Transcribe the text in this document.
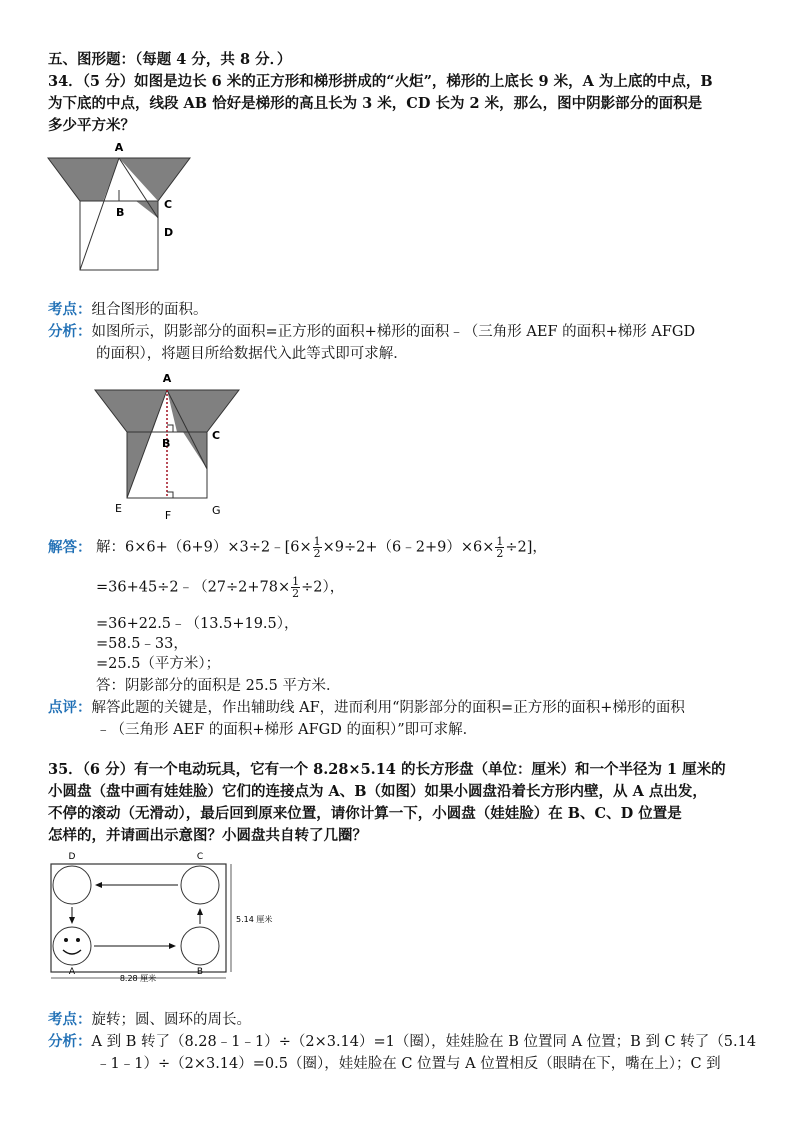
五、图形题：（每题 4 分，共 8 分．）
34．（5 分）如图是边长 6 米的正方形和梯形拼成的“火炬”，梯形的上底长 9 米，A 为上底的中点，B
为下底的中点，线段 AB 恰好是梯形的高且长为 3 米，CD 长为 2 米，那么，图中阴影部分的面积是
多少平方米？
A
B
C
D
考点：组合图形的面积。
分析：如图所示，阴影部分的面积=正方形的面积+梯形的面积﹣（三角形 AEF 的面积+梯形 AFGD
的面积），将题目所给数据代入此等式即可求解．
A
B
C
E
F	G
解答： 解：6×6+（6+9）×3÷2﹣[6× $\frac{1}{2}$ ×9÷2+（6﹣2+9）×6× $\frac{1}{2} \div 2$]，
=36+45÷2﹣（27÷2+78× $\frac{1}{2} \div 2$），
=36+22.5﹣（13.5+19.5），
=58.5﹣33，
=25.5（平方米）；
答：阴影部分的面积是 25.5 平方米．
点评：解答此题的关键是，作出辅助线 AF，进而利用“阴影部分的面积=正方形的面积+梯形的面积
﹣（三角形 AEF 的面积+梯形 AFGD 的面积）”即可求解．
35．（6 分）有一个电动玩具，它有一个 8.28×5.14 的长方形盘（单位：厘米）和一个半径为 1 厘米的
小圆盘（盘中画有娃娃脸）它们的连接点为 A、B（如图）如果小圆盘沿着长方形内壁，从 A 点出发，
不停的滚动（无滑动），最后回到原来位置，请你计算一下，小圆盘（娃娃脸）在 B、C、D 位置是
怎样的，并请画出示意图？小圆盘共自转了几圈？
D	C
A	B
5.14 厘米
8.28 厘米
考点：旋转；圆、圆环的周长。
分析：A 到 B 转了（8.28﹣1﹣1）÷（2×3.14）=1（圈），娃娃脸在 B 位置同 A 位置；B 到 C 转了（5.14
﹣1﹣1）÷（2×3.14）=0.5（圈），娃娃脸在 C 位置与 A 位置相反（眼睛在下，嘴在上）；C 到
